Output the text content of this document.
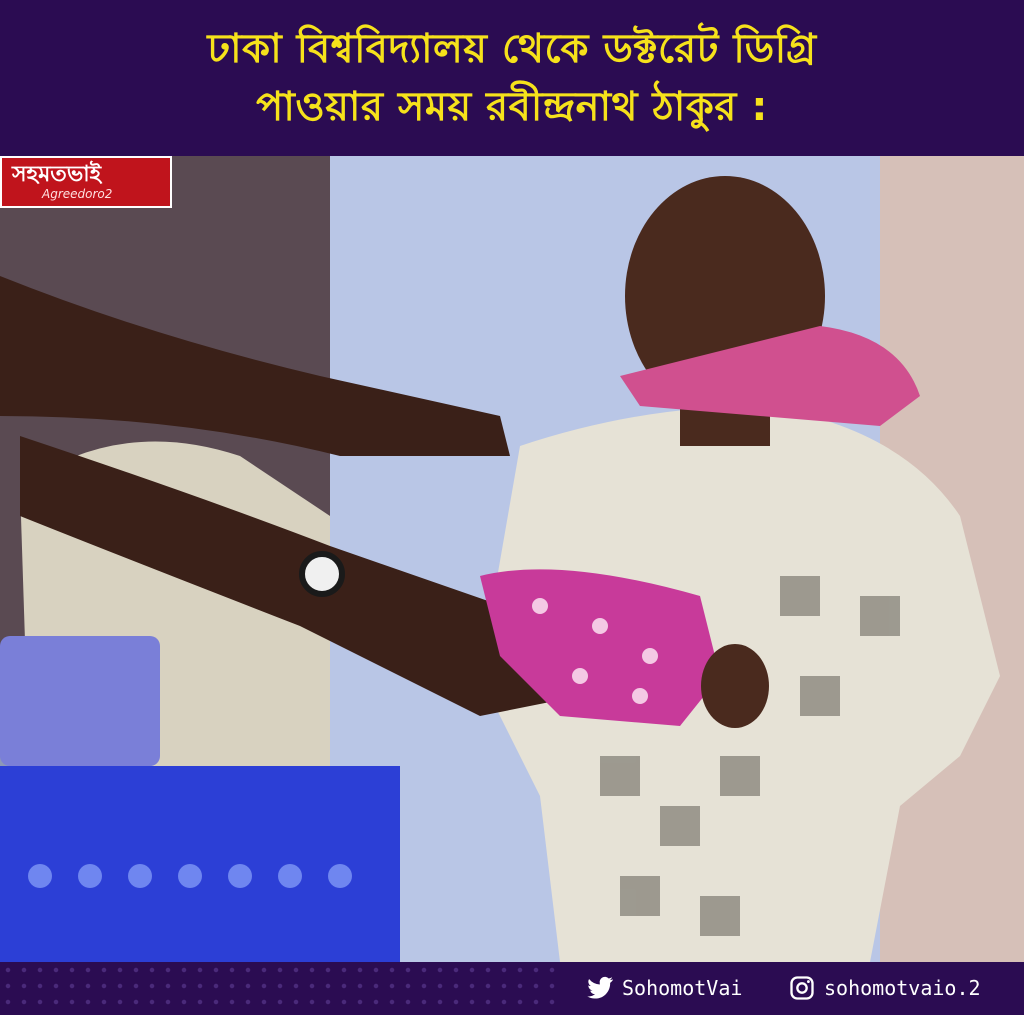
ঢাকা বিশ্ববিদ্যালয় থেকে ডক্টরেট ডিগ্রি
পাওয়ার সময় রবীন্দ্রনাথ ঠাকুর :
সহমতভাই
Agreedoro2
SohomotVai	sohomotvaio.2
